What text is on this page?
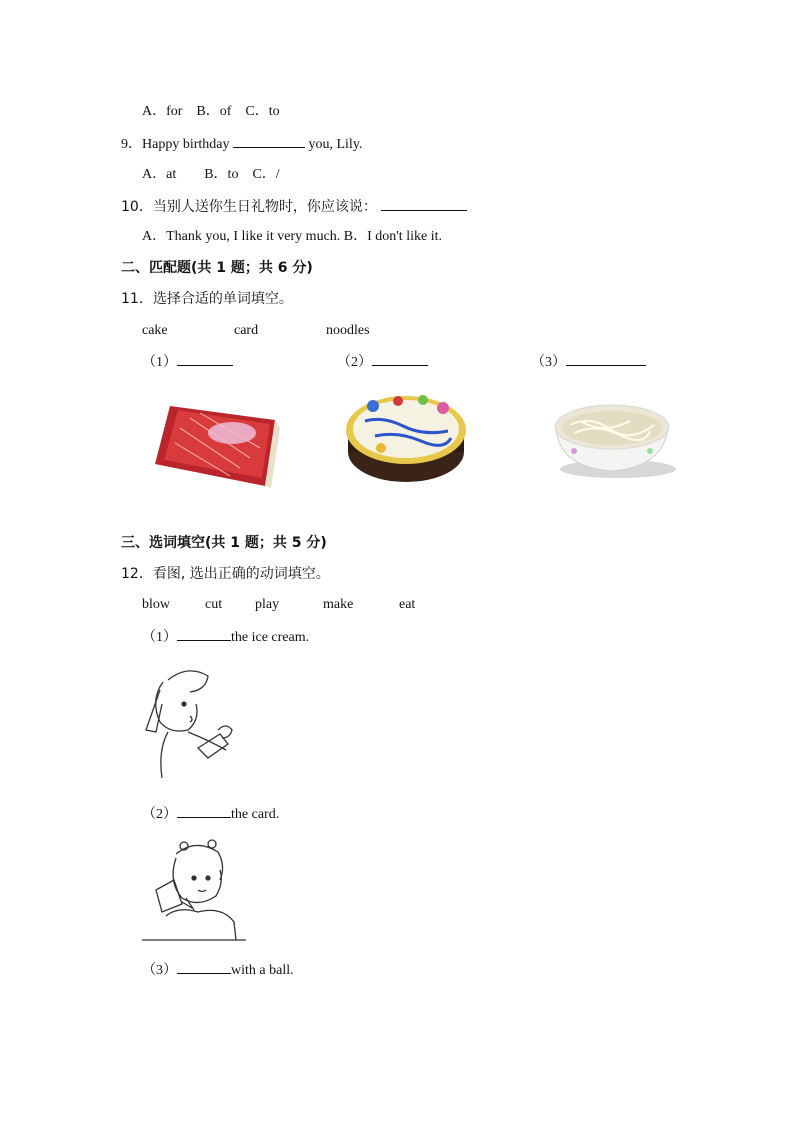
A．for　B．of　C．to
9．Happy birthday	you, Lily.
A．at　　B．to　C．/
10．当别人送你生日礼物时，你应该说：
A．Thank you, I like it very much. B．I don't like it.
二、匹配题(共 1 题；共 6 分)
11．选择合适的单词填空。
cake	card	noodles
（1）	（2）	（3）
三、选词填空(共 1 题；共 5 分)
12．看图, 选出正确的动词填空。
blow	cut play	make	eat
（1）	the ice cream.
（2）	the card.
（3）	with a ball.
